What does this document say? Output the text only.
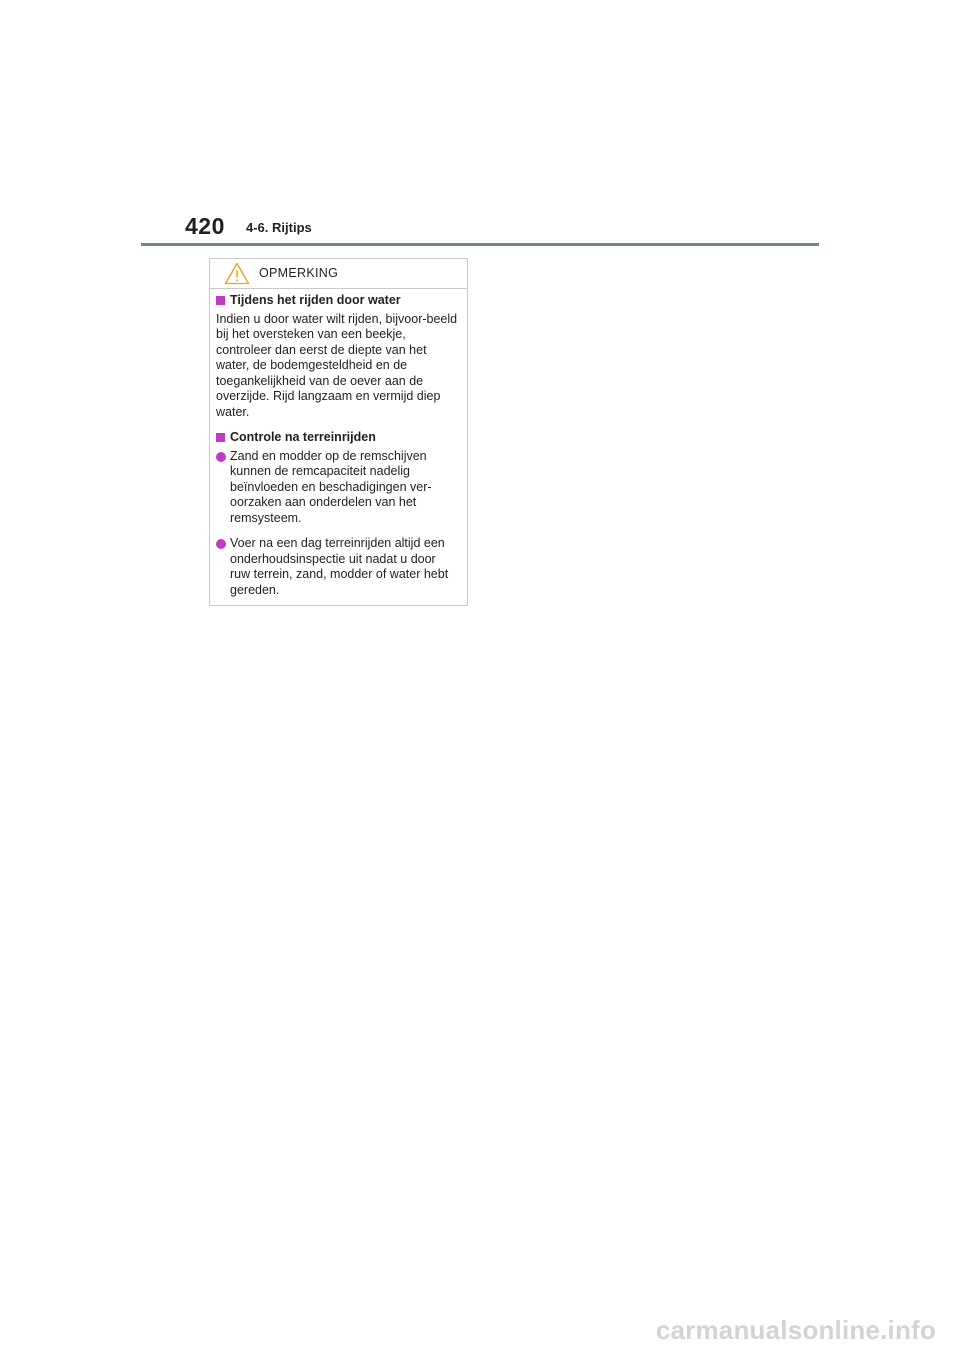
420 4-6. Rijtips
OPMERKING
Tijdens het rijden door water

Indien u door water wilt rijden, bijvoor-beeld bij het oversteken van een beekje, controleer dan eerst de diepte van het water, de bodemgesteldheid en de toegankelijkheid van de oever aan de overzijde. Rijd langzaam en vermijd diep water.

Controle na terreinrijden
Zand en modder op de remschijven kunnen de remcapaciteit nadelig beïnvloeden en beschadigingen ver-oorzaken aan onderdelen van het remsysteem.
Voer na een dag terreinrijden altijd een onderhoudsinspectie uit nadat u door ruw terrein, zand, modder of water hebt gereden.
carmanualsonline.info
